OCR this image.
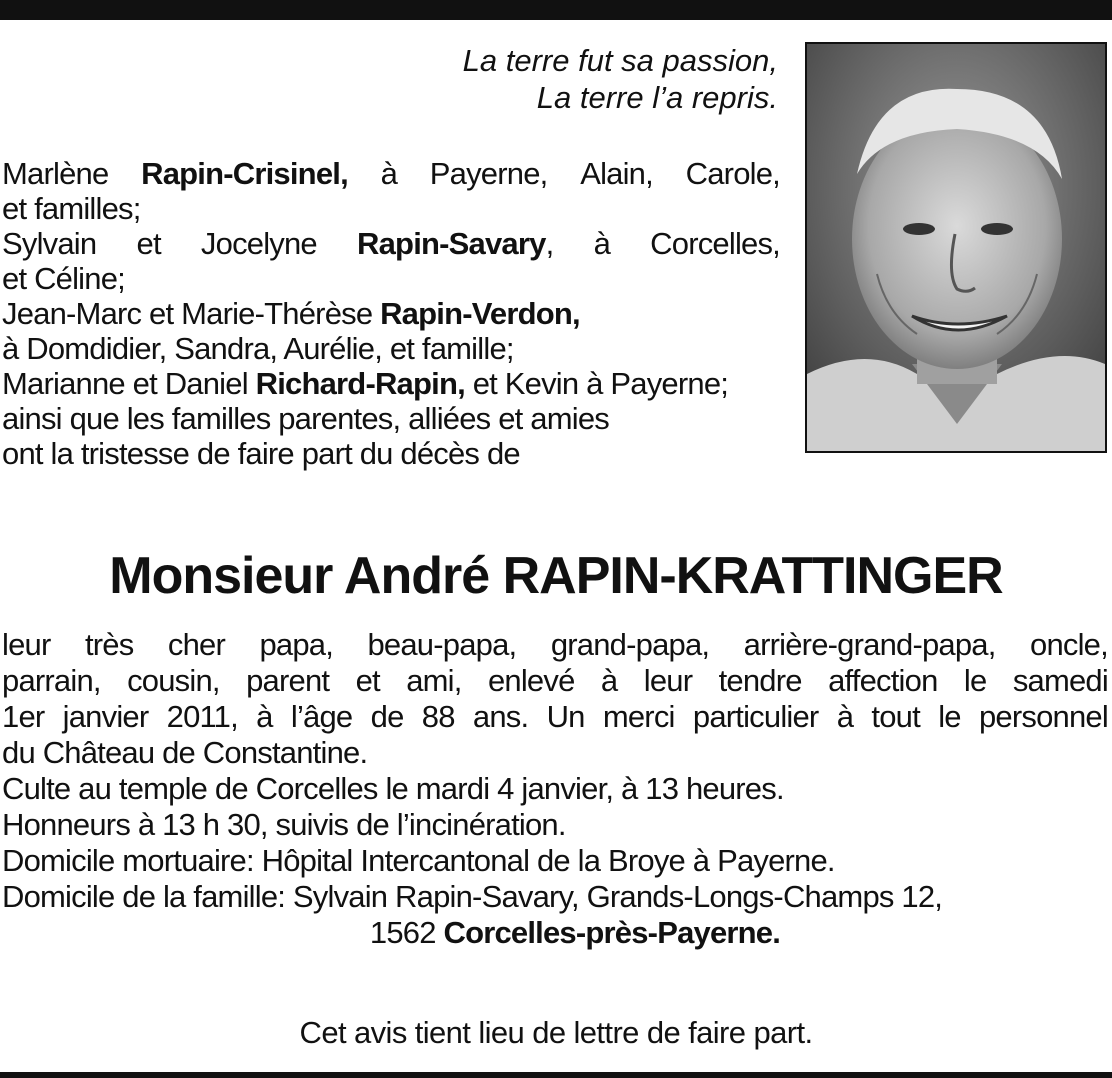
La terre fut sa passion,
La terre l’a repris.
Marlène Rapin-Crisinel, à Payerne, Alain, Carole,
et familles;
Sylvain et Jocelyne Rapin-Savary, à Corcelles,
et Céline;
Jean-Marc et Marie-Thérèse Rapin-Verdon,
à Domdidier, Sandra, Aurélie, et famille;
Marianne et Daniel Richard-Rapin, et Kevin à Payerne;
ainsi que les familles parentes, alliées et amies
ont la tristesse de faire part du décès de
Monsieur André RAPIN-KRATTINGER
leur très cher papa, beau-papa, grand-papa, arrière-grand-papa, oncle,
parrain, cousin, parent et ami, enlevé à leur tendre affection le samedi
1er janvier 2011, à l’âge de 88 ans. Un merci particulier à tout le personnel
du Château de Constantine.
Culte au temple de Corcelles le mardi 4 janvier, à 13 heures.
Honneurs à 13 h 30, suivis de l’incinération.
Domicile mortuaire: Hôpital Intercantonal de la Broye à Payerne.
Domicile de la famille: Sylvain Rapin-Savary, Grands-Longs-Champs 12,
1562 Corcelles-près-Payerne.
Cet avis tient lieu de lettre de faire part.
